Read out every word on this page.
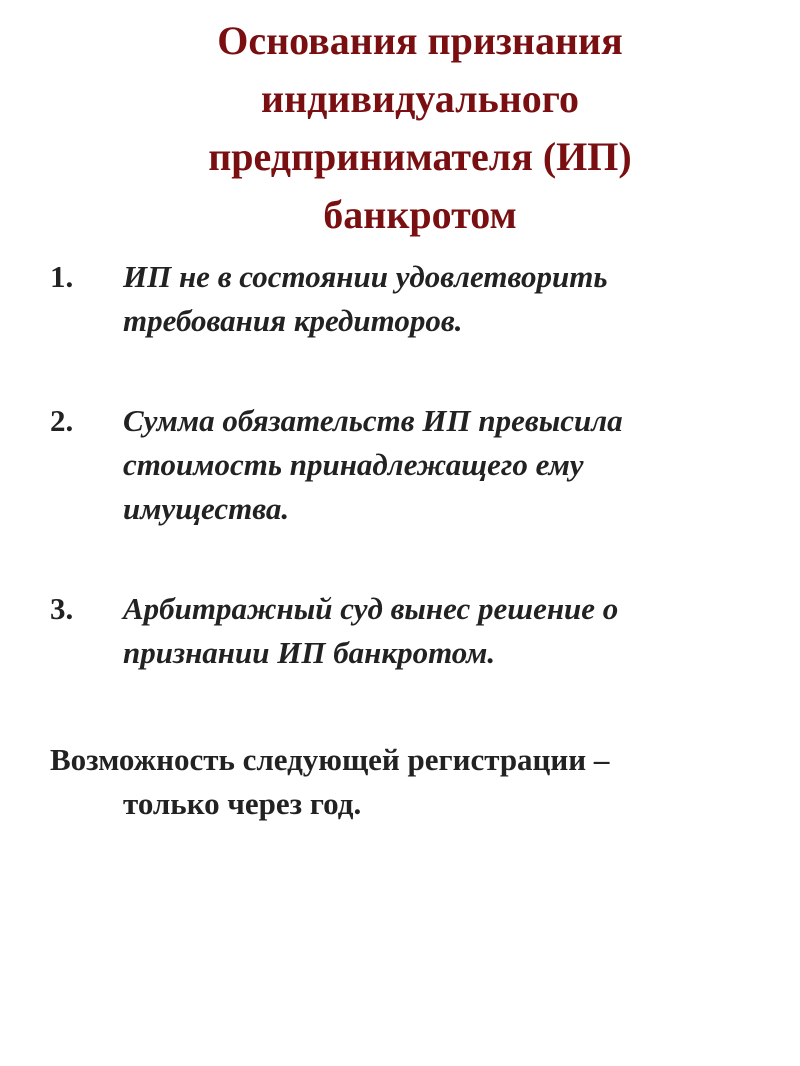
Основания признания
индивидуального
предпринимателя (ИП)
банкротом
1.	ИП не в состоянии удовлетворить
требования кредиторов.
2.	Сумма обязательств ИП превысила
стоимость принадлежащего ему
имущества.
3.	Арбитражный суд вынес решение о
признании ИП банкротом.
Возможность следующей регистрации –
только через год.
